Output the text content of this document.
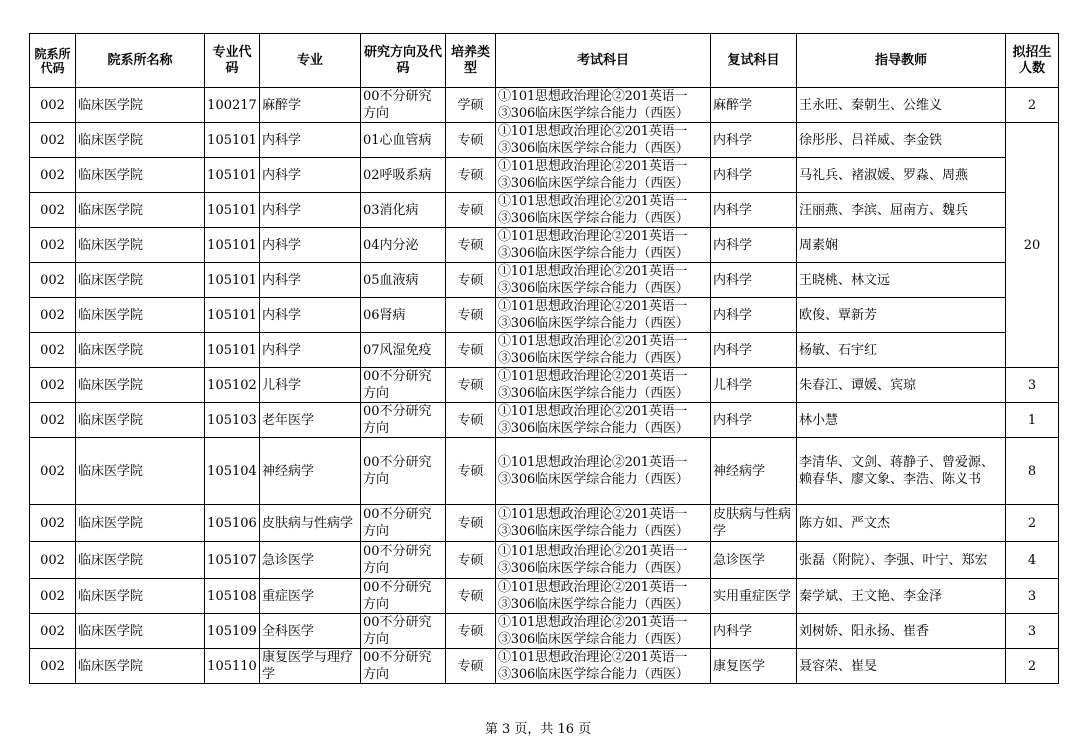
院系所代码	院系所名称	专业代码	专业	研究方向及代码	培养类型	考试科目	复试科目	指导教师	拟招生人数
002	临床医学院	100217	麻醉学	00不分研究方向	学硕	①101思想政治理论②201英语一③306临床医学综合能力（西医）	麻醉学	王永旺、秦朝生、公维义	2
002	临床医学院	105101	内科学	01心血管病	专硕	①101思想政治理论②201英语一③306临床医学综合能力（西医）	内科学	徐彤彤、吕祥威、李金铁	20
002	临床医学院	105101	内科学	02呼吸系病	专硕	①101思想政治理论②201英语一③306临床医学综合能力（西医）	内科学	马礼兵、褚淑媛、罗淼、周燕	
002	临床医学院	105101	内科学	03消化病	专硕	①101思想政治理论②201英语一③306临床医学综合能力（西医）	内科学	汪丽燕、李滨、屈南方、魏兵	
002	临床医学院	105101	内科学	04内分泌	专硕	①101思想政治理论②201英语一③306临床医学综合能力（西医）	内科学	周素娴	
002	临床医学院	105101	内科学	05血液病	专硕	①101思想政治理论②201英语一③306临床医学综合能力（西医）	内科学	王晓桃、林文远	
002	临床医学院	105101	内科学	06肾病	专硕	①101思想政治理论②201英语一③306临床医学综合能力（西医）	内科学	欧俊、覃新芳	
002	临床医学院	105101	内科学	07风湿免疫	专硕	①101思想政治理论②201英语一③306临床医学综合能力（西医）	内科学	杨敏、石宇红	
002	临床医学院	105102	儿科学	00不分研究方向	专硕	①101思想政治理论②201英语一③306临床医学综合能力（西医）	儿科学	朱春江、谭媛、宾琼	3
002	临床医学院	105103	老年医学	00不分研究方向	专硕	①101思想政治理论②201英语一③306临床医学综合能力（西医）	内科学	林小慧	1
002	临床医学院	105104	神经病学	00不分研究方向	专硕	①101思想政治理论②201英语一③306临床医学综合能力（西医）	神经病学	李清华、文剑、蒋静子、曾爱源、赖春华、廖文象、李浩、陈义书	8
002	临床医学院	105106	皮肤病与性病学	00不分研究方向	专硕	①101思想政治理论②201英语一③306临床医学综合能力（西医）	皮肤病与性病学	陈方如、严文杰	2
002	临床医学院	105107	急诊医学	00不分研究方向	专硕	①101思想政治理论②201英语一③306临床医学综合能力（西医）	急诊医学	张磊（附院）、李强、叶宁、郑宏	4
002	临床医学院	105108	重症医学	00不分研究方向	专硕	①101思想政治理论②201英语一③306临床医学综合能力（西医）	实用重症医学	秦学斌、王文艳、李金泽	3
002	临床医学院	105109	全科医学	00不分研究方向	专硕	①101思想政治理论②201英语一③306临床医学综合能力（西医）	内科学	刘树娇、阳永扬、崔香	3
002	临床医学院	105110	康复医学与理疗学	00不分研究方向	专硕	①101思想政治理论②201英语一③306临床医学综合能力（西医）	康复医学	聂容荣、崔旻	2
第 3 页，共 16 页
